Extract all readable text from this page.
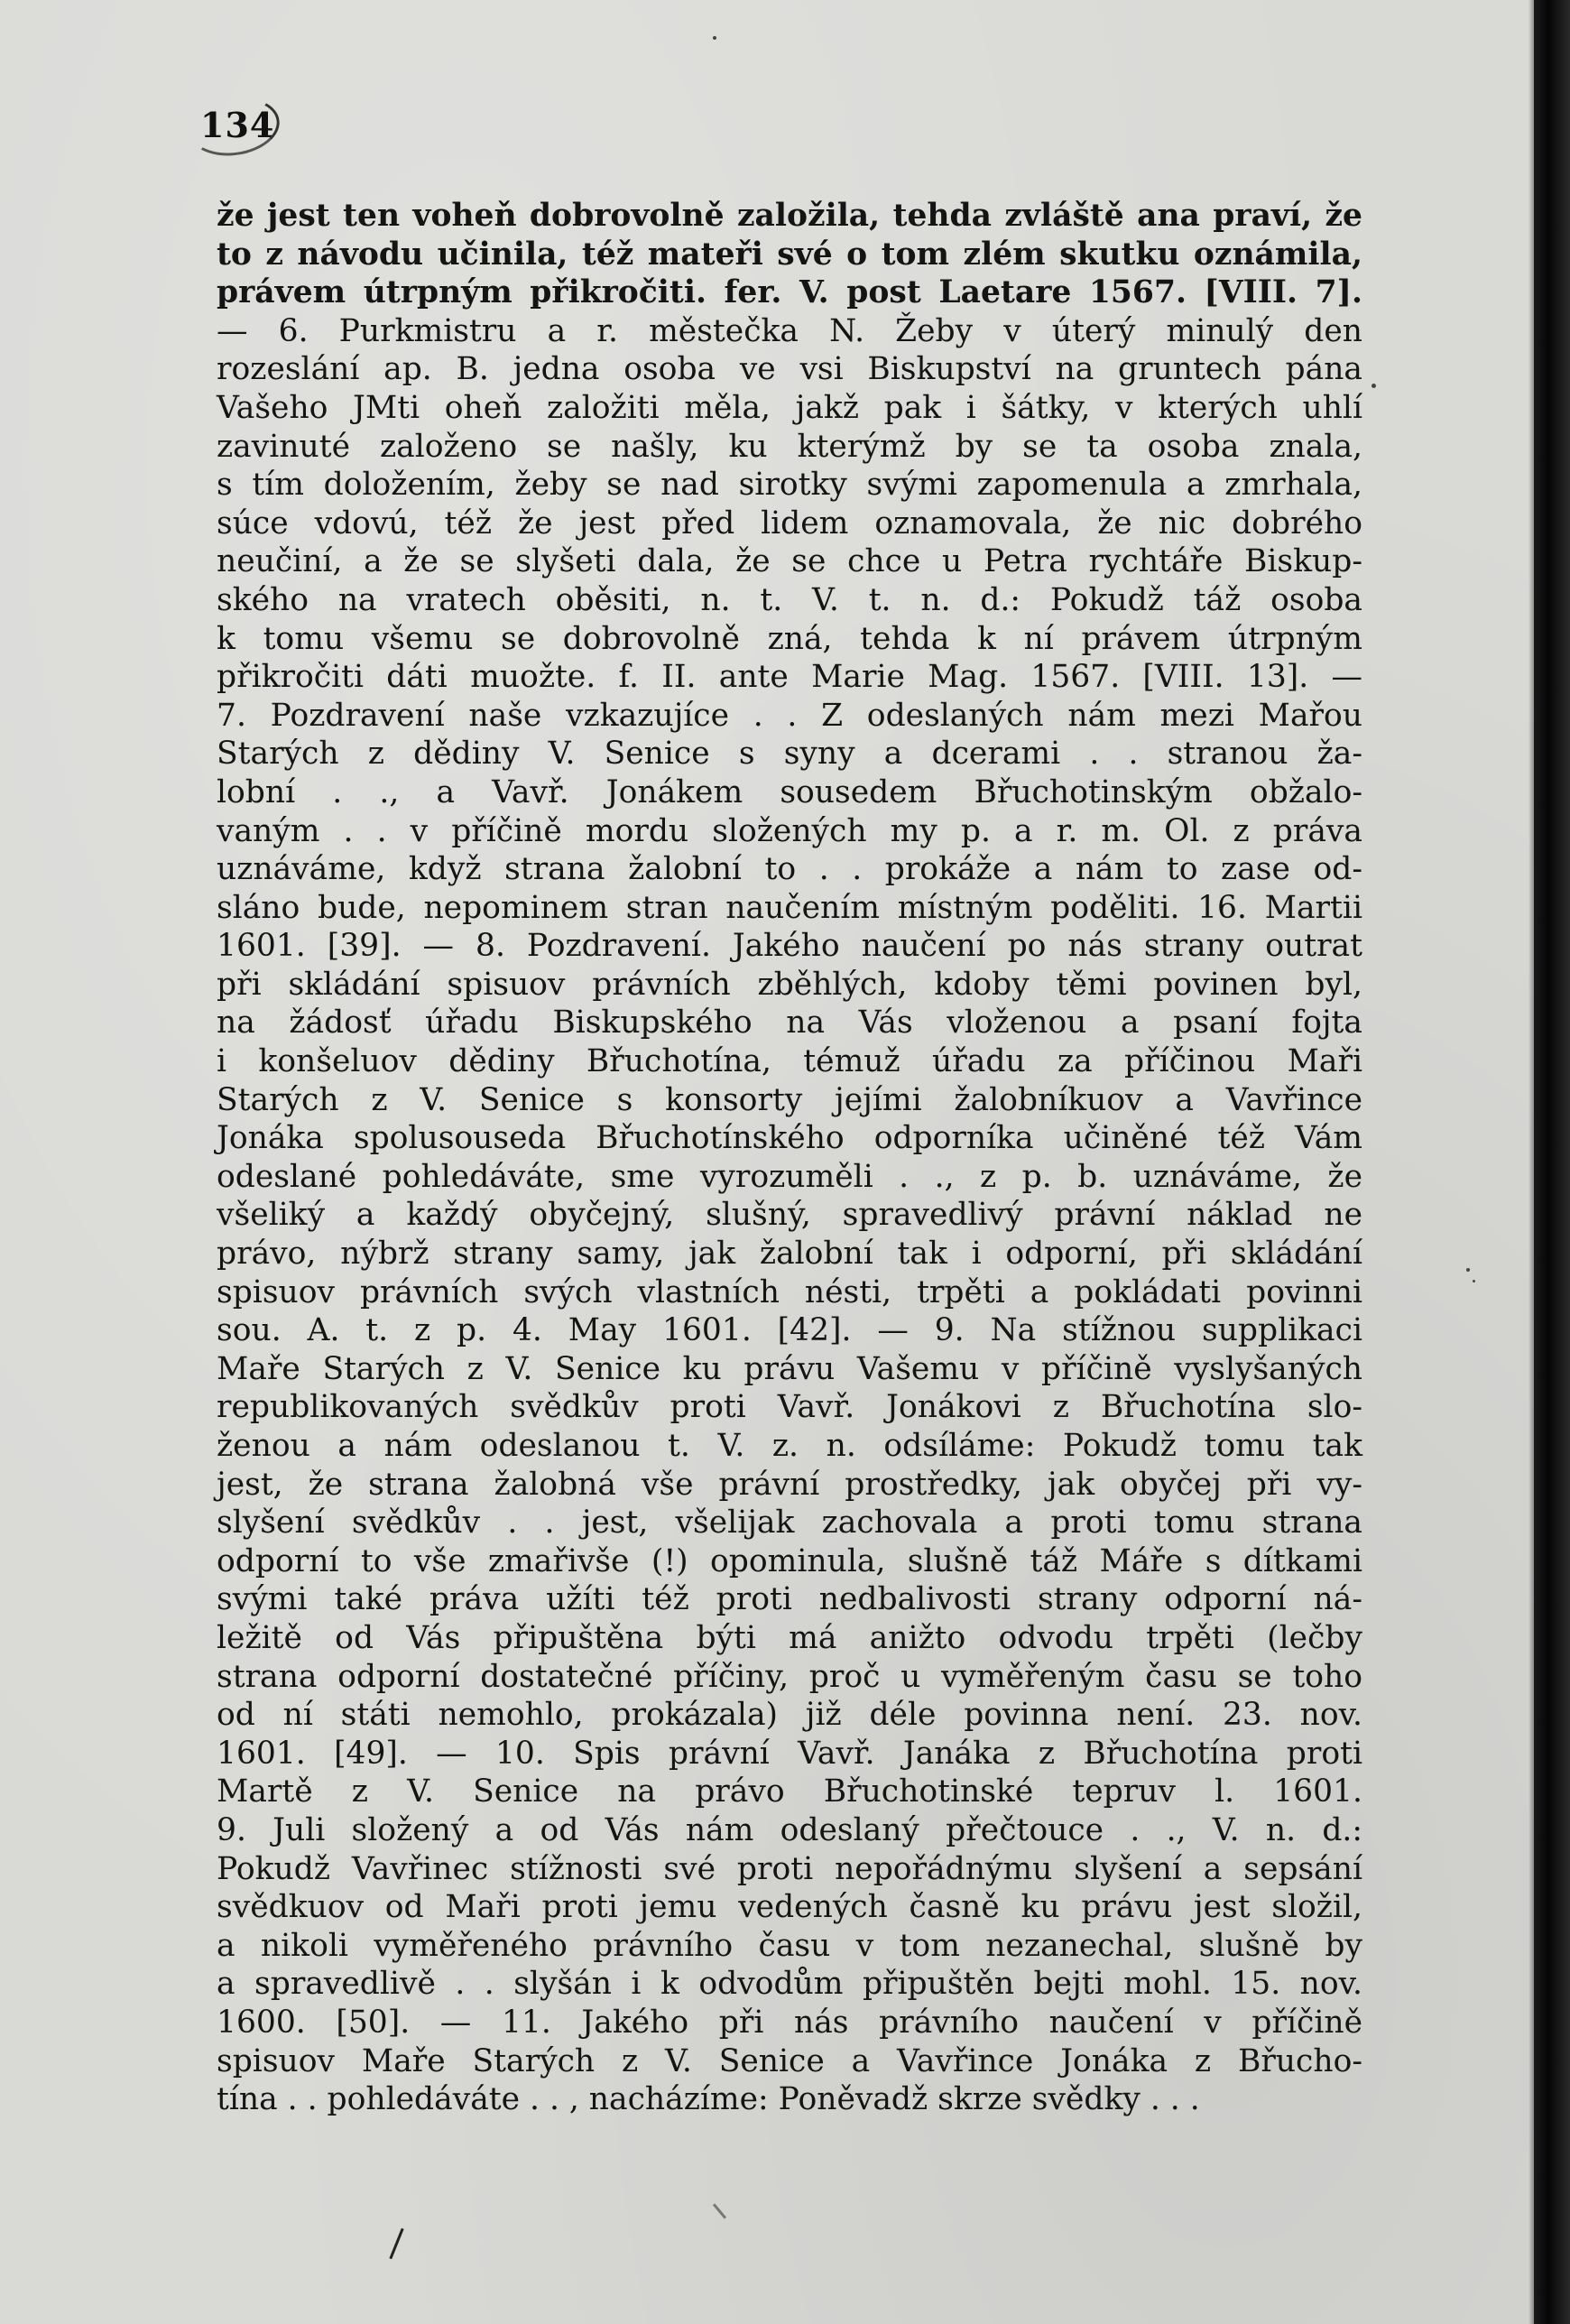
134
že jest ten voheň dobrovolně založila, tehda zvláště ana praví, že
to z návodu učinila, též mateři své o tom zlém skutku oznámila,
právem útrpným přikročiti. fer. V. post Laetare 1567. [VIII. 7].
— 6. Purkmistru a r. městečka N. Žeby v úterý minulý den
rozeslání ap. B. jedna osoba ve vsi Biskupství na gruntech pána
Vašeho JMti oheň založiti měla, jakž pak i šátky, v kterých uhlí
zavinuté založeno se našly, ku kterýmž by se ta osoba znala,
s tím doložením, žeby se nad sirotky svými zapomenula a zmrhala,
súce vdovú, též že jest před lidem oznamovala, že nic dobrého
neučiní, a že se slyšeti dala, že se chce u Petra rychtáře Biskup-
ského na vratech oběsiti, n. t. V. t. n. d.: Pokudž táž osoba
k tomu všemu se dobrovolně zná, tehda k ní právem útrpným
přikročiti dáti muožte. f. II. ante Marie Mag. 1567. [VIII. 13]. —
7. Pozdravení naše vzkazujíce . . Z odeslaných nám mezi Mařou
Starých z dědiny V. Senice s syny a dcerami . . stranou ža-
lobní . ., a Vavř. Jonákem sousedem Břuchotinským obžalo-
vaným . . v příčině mordu složených my p. a r. m. Ol. z práva
uznáváme, když strana žalobní to . . prokáže a nám to zase od-
sláno bude, nepominem stran naučením místným poděliti. 16. Martii
1601. [39]. — 8. Pozdravení. Jakého naučení po nás strany outrat
při skládání spisuov právních zběhlých, kdoby těmi povinen byl,
na žádosť úřadu Biskupského na Vás vloženou a psaní fojta
i konšeluov dědiny Břuchotína, témuž úřadu za příčinou Maři
Starých z V. Senice s konsorty jejími žalobníkuov a Vavřince
Jonáka spolusouseda Břuchotínského odporníka učiněné též Vám
odeslané pohledáváte, sme vyrozuměli . ., z p. b. uznáváme, že
všeliký a každý obyčejný, slušný, spravedlivý právní náklad ne
právo, nýbrž strany samy, jak žalobní tak i odporní, při skládání
spisuov právních svých vlastních nésti, trpěti a pokládati povinni
sou. A. t. z p. 4. May 1601. [42]. — 9. Na stížnou supplikaci
Maře Starých z V. Senice ku právu Vašemu v příčině vyslyšaných
republikovaných svědkův proti Vavř. Jonákovi z Břuchotína slo-
ženou a nám odeslanou t. V. z. n. odsíláme: Pokudž tomu tak
jest, že strana žalobná vše právní prostředky, jak obyčej při vy-
slyšení svědkův . . jest, všelijak zachovala a proti tomu strana
odporní to vše zmařivše (!) opominula, slušně táž Máře s dítkami
svými také práva užíti též proti nedbalivosti strany odporní ná-
ležitě od Vás připuštěna býti má anižto odvodu trpěti (lečby
strana odporní dostatečné příčiny, proč u vyměřeným času se toho
od ní státi nemohlo, prokázala) již déle povinna není. 23. nov.
1601. [49]. — 10. Spis právní Vavř. Janáka z Břuchotína proti
Martě z V. Senice na právo Břuchotinské tepruv l. 1601.
9. Juli složený a od Vás nám odeslaný přečtouce . ., V. n. d.:
Pokudž Vavřinec stížnosti své proti nepořádnýmu slyšení a sepsání
svědkuov od Maři proti jemu vedených časně ku právu jest složil,
a nikoli vyměřeného právního času v tom nezanechal, slušně by
a spravedlivě . . slyšán i k odvodům připuštěn bejti mohl. 15. nov.
1600. [50]. — 11. Jakého při nás právního naučení v příčině
spisuov Maře Starých z V. Senice a Vavřince Jonáka z Břucho-
tína . . pohledáváte . . , nacházíme: Poněvadž skrze svědky . . .
